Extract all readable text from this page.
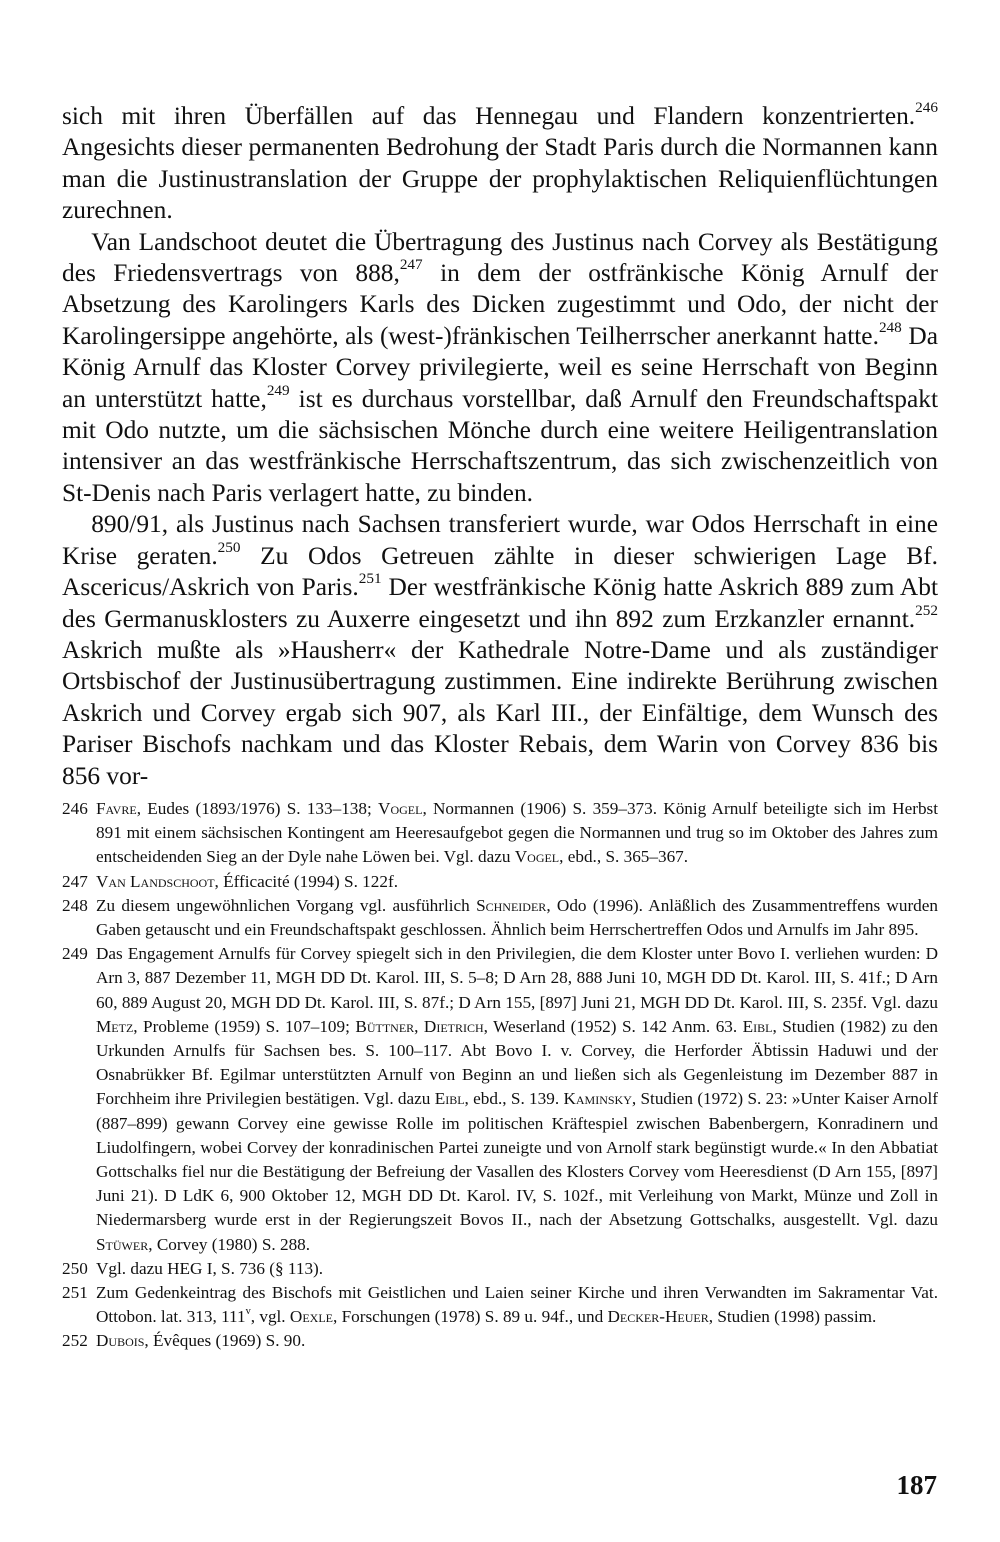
sich mit ihren Überfällen auf das Hennegau und Flandern konzentrierten.$^{246}$ Angesichts dieser permanenten Bedrohung der Stadt Paris durch die Normannen kann man die Justinustranslation der Gruppe der prophylaktischen Reliquienflüchtungen zurechnen.

Van Landschoot deutet die Übertragung des Justinus nach Corvey als Bestätigung des Friedensvertrags von 888,$^{247}$ in dem der ostfränkische König Arnulf der Absetzung des Karolingers Karls des Dicken zugestimmt und Odo, der nicht der Karolingersippe angehörte, als (west-)fränkischen Teilherrscher anerkannt hatte.$^{248}$ Da König Arnulf das Kloster Corvey privilegierte, weil es seine Herrschaft von Beginn an unterstützt hatte,$^{249}$ ist es durchaus vorstellbar, daß Arnulf den Freundschaftspakt mit Odo nutzte, um die sächsischen Mönche durch eine weitere Heiligentranslation intensiver an das westfränkische Herrschaftszentrum, das sich zwischenzeitlich von St-Denis nach Paris verlagert hatte, zu binden.

890/91, als Justinus nach Sachsen transferiert wurde, war Odos Herrschaft in eine Krise geraten.$^{250}$ Zu Odos Getreuen zählte in dieser schwierigen Lage Bf. Ascericus/Askrich von Paris.$^{251}$ Der westfränkische König hatte Askrich 889 zum Abt des Germanusklosters zu Auxerre eingesetzt und ihn 892 zum Erzkanzler ernannt.$^{252}$ Askrich mußte als »Hausherr« der Kathedrale Notre-Dame und als zuständiger Ortsbischof der Justinusübertragung zustimmen. Eine indirekte Berührung zwischen Askrich und Corvey ergab sich 907, als Karl III., der Einfältige, dem Wunsch des Pariser Bischofs nachkam und das Kloster Rebais, dem Warin von Corvey 836 bis 856 vor-

246 Favre, Eudes (1893/1976) S. 133–138; Vogel, Normannen (1906) S. 359–373. König Arnulf beteiligte sich im Herbst 891 mit einem sächsischen Kontingent am Heeresaufgebot gegen die Normannen und trug so im Oktober des Jahres zum entscheidenden Sieg an der Dyle nahe Löwen bei. Vgl. dazu Vogel, ebd., S. 365–367.
247 Van Landschoot, Éfficacité (1994) S. 122f.
248 Zu diesem ungewöhnlichen Vorgang vgl. ausführlich Schneider, Odo (1996). Anläßlich des Zusammentreffens wurden Gaben getauscht und ein Freundschaftspakt geschlossen. Ähnlich beim Herrschertreffen Odos und Arnulfs im Jahr 895.
249 Das Engagement Arnulfs für Corvey spiegelt sich in den Privilegien, die dem Kloster unter Bovo I. verliehen wurden: D Arn 3, 887 Dezember 11, MGH DD Dt. Karol. III, S. 5–8; D Arn 28, 888 Juni 10, MGH DD Dt. Karol. III, S. 41f.; D Arn 60, 889 August 20, MGH DD Dt. Karol. III, S. 87f.; D Arn 155, [897] Juni 21, MGH DD Dt. Karol. III, S. 235f. Vgl. dazu Metz, Probleme (1959) S. 107–109; Büttner, Dietrich, Weserland (1952) S. 142 Anm. 63. Eibl, Studien (1982) zu den Urkunden Arnulfs für Sachsen bes. S. 100–117. Abt Bovo I. v. Corvey, die Herforder Äbtissin Haduwi und der Osnabrükker Bf. Egilmar unterstützten Arnulf von Beginn an und ließen sich als Gegenleistung im Dezember 887 in Forchheim ihre Privilegien bestätigen. Vgl. dazu Eibl, ebd., S. 139. Kaminsky, Studien (1972) S. 23: »Unter Kaiser Arnolf (887–899) gewann Corvey eine gewisse Rolle im politischen Kräftespiel zwischen Babenbergern, Konradinern und Liudolfingern, wobei Corvey der konradinischen Partei zuneigte und von Arnolf stark begünstigt wurde.« In den Abbatiat Gottschalks fiel nur die Bestätigung der Befreiung der Vasallen des Klosters Corvey vom Heeresdienst (D Arn 155, [897] Juni 21). D LdK 6, 900 Oktober 12, MGH DD Dt. Karol. IV, S. 102f., mit Verleihung von Markt, Münze und Zoll in Niedermarsberg wurde erst in der Regierungszeit Bovos II., nach der Absetzung Gottschalks, ausgestellt. Vgl. dazu Stüwer, Corvey (1980) S. 288.
250 Vgl. dazu HEG I, S. 736 (§ 113).
251 Zum Gedenkeintrag des Bischofs mit Geistlichen und Laien seiner Kirche und ihren Verwandten im Sakramentar Vat. Ottobon. lat. 313, 111$^v$, vgl. Oexle, Forschungen (1978) S. 89 u. 94f., und Decker-Heuer, Studien (1998) passim.
252 Dubois, Évêques (1969) S. 90.
187
